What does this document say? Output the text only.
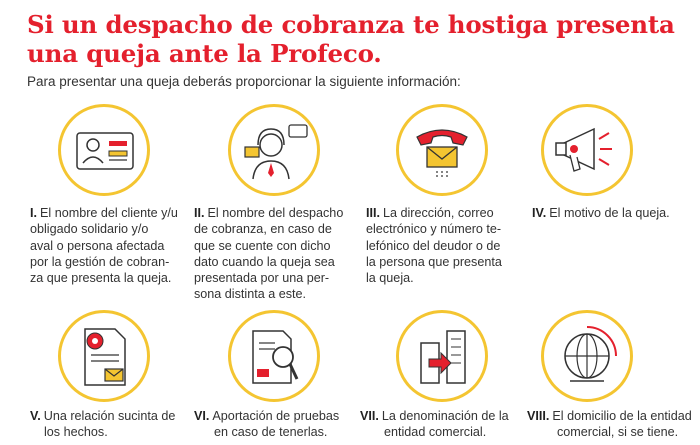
Si un despacho de cobranza te hostiga presenta
una queja ante la Profeco.
Para presentar una queja deberás proporcionar la siguiente información:
I. El nombre del cliente y/u
obligado solidario y/o
aval o persona afectada
por la gestión de cobran-
za que presenta la queja.
II. El nombre del despacho
de cobranza, en caso de
que se cuente con dicho
dato cuando la queja sea
presentada por una per-
sona distinta a este.
III. La dirección, correo
electrónico y número te-
lefónico del deudor o de
la persona que presenta
la queja.
IV. El motivo de la queja.
V. Una relación sucinta de
los hechos.
VI. Aportación de pruebas
en caso de tenerlas.
VII. La denominación de la
entidad comercial.
VIII. El domicilio de la entidad
comercial, si se tiene.
